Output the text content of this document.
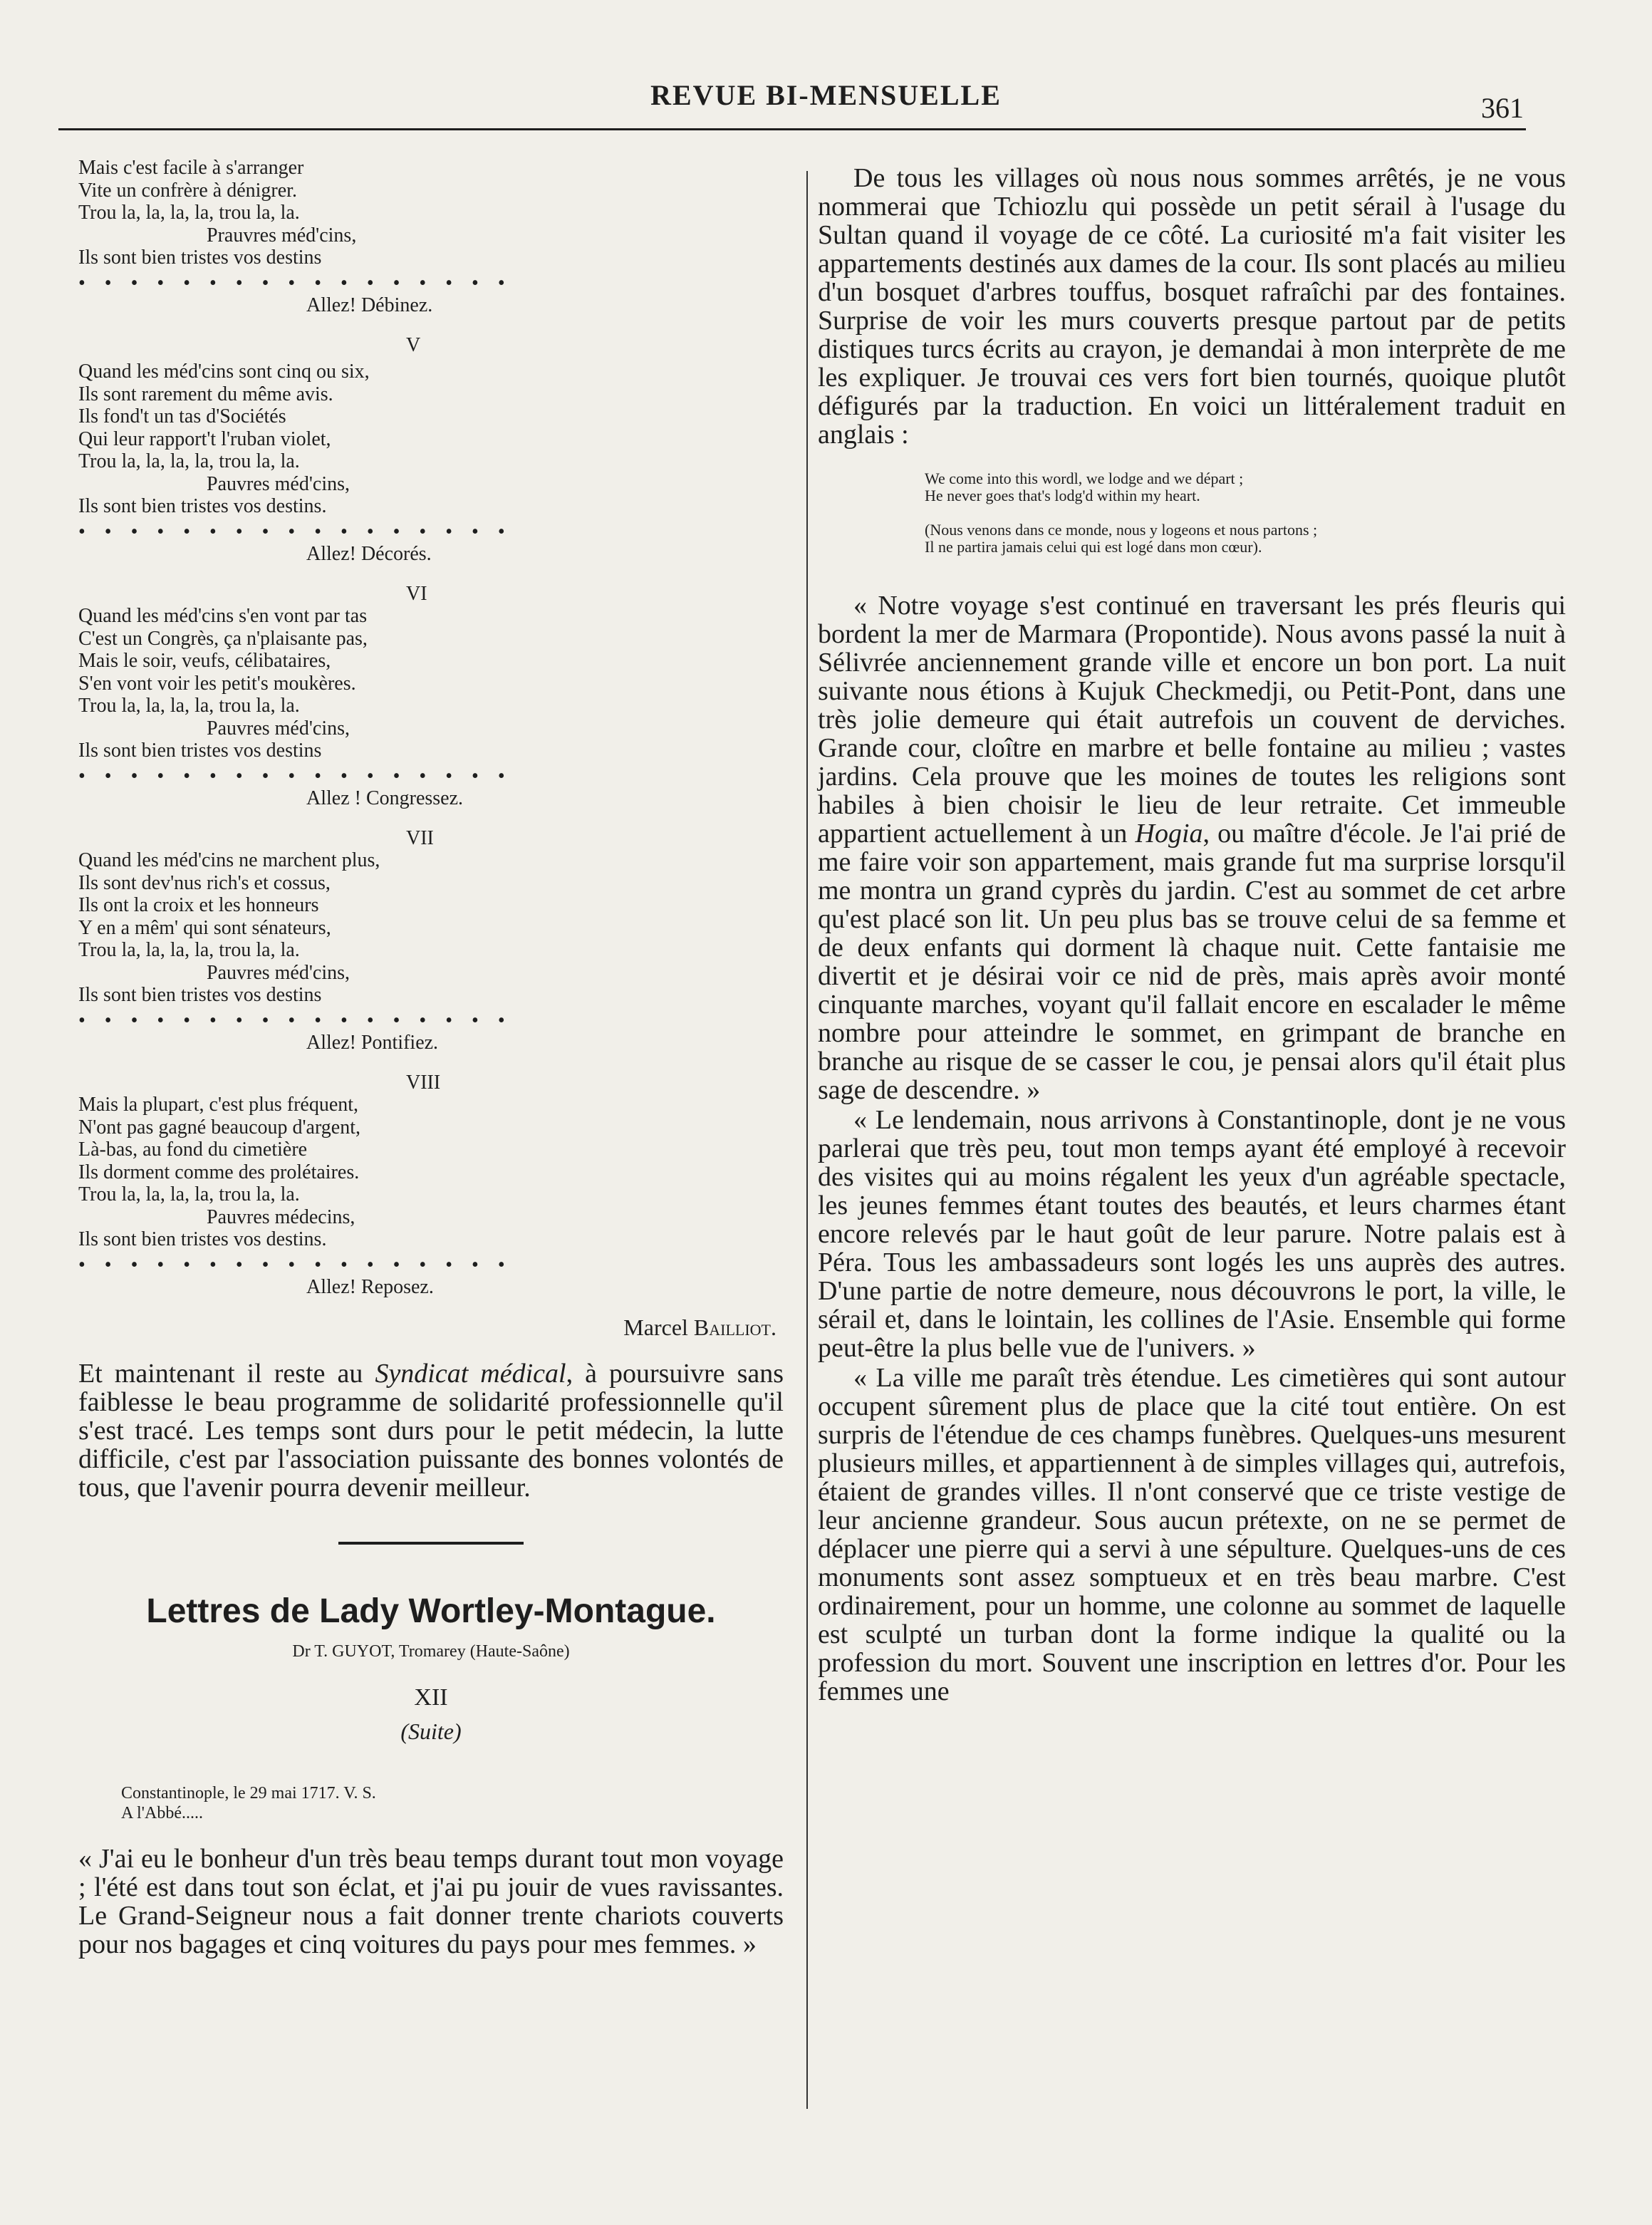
REVUE BI-MENSUELLE	361
Mais c'est facile à s'arranger
Vite un confrère à dénigrer.
Trou la, la, la, la, trou la, la.
Prauvres méd'cins,
Ils sont bien tristes vos destins
• • • • • • • • • • • • • • • • •
Allez! Débinez.
V
Quand les méd'cins sont cinq ou six,
Ils sont rarement du même avis.
Ils fond't un tas d'Sociétés
Qui leur rapport't l'ruban violet,
Trou la, la, la, la, trou la, la.
Pauvres méd'cins,
Ils sont bien tristes vos destins.
• • • • • • • • • • • • • • • • •
Allez! Décorés.
VI
Quand les méd'cins s'en vont par tas
C'est un Congrès, ça n'plaisante pas,
Mais le soir, veufs, célibataires,
S'en vont voir les petit's moukères.
Trou la, la, la, la, trou la, la.
Pauvres méd'cins,
Ils sont bien tristes vos destins
• • • • • • • • • • • • • • • • •
Allez ! Congressez.
VII
Quand les méd'cins ne marchent plus,
Ils sont dev'nus rich's et cossus,
Ils ont la croix et les honneurs
Y en a mêm' qui sont sénateurs,
Trou la, la, la, la, trou la, la.
Pauvres méd'cins,
Ils sont bien tristes vos destins
• • • • • • • • • • • • • • • • •
Allez! Pontifiez.
VIII
Mais la plupart, c'est plus fréquent,
N'ont pas gagné beaucoup d'argent,
Là-bas, au fond du cimetière
Ils dorment comme des prolétaires.
Trou la, la, la, la, trou la, la.
Pauvres médecins,
Ils sont bien tristes vos destins.
• • • • • • • • • • • • • • • • •
Allez! Reposez.
Marcel Bailliot.

Et maintenant il reste au Syndicat médical, à poursuivre sans faiblesse le beau programme de solidarité professionnelle qu'il s'est tracé. Les temps sont durs pour le petit médecin, la lutte difficile, c'est par l'association puissante des bonnes volontés de tous, que l'avenir pourra devenir meilleur.

Lettres de Lady Wortley-Montague.
Dr T. GUYOT, Tromarey (Haute-Saône)
XII
(Suite)
Constantinople, le 29 mai 1717. V. S.
A l'Abbé.....

« J'ai eu le bonheur d'un très beau temps durant tout mon voyage ; l'été est dans tout son éclat, et j'ai pu jouir de vues ravissantes. Le Grand-Seigneur nous a fait donner trente chariots couverts pour nos bagages et cinq voitures du pays pour mes femmes. »

De tous les villages où nous nous sommes arrêtés, je ne vous nommerai que Tchiozlu qui possède un petit sérail à l'usage du Sultan quand il voyage de ce côté. La curiosité m'a fait visiter les appartements destinés aux dames de la cour. Ils sont placés au milieu d'un bosquet d'arbres touffus, bosquet rafraîchi par des fontaines. Surprise de voir les murs couverts presque partout par de petits distiques turcs écrits au crayon, je demandai à mon interprète de me les expliquer. Je trouvai ces vers fort bien tournés, quoique plutôt défigurés par la traduction. En voici un littéralement traduit en anglais :

We come into this wordl, we lodge and we départ ;
He never goes that's lodg'd within my heart.
(Nous venons dans ce monde, nous y logeons et nous partons ;
Il ne partira jamais celui qui est logé dans mon cœur).

« Notre voyage s'est continué en traversant les prés fleuris qui bordent la mer de Marmara (Propontide). Nous avons passé la nuit à Sélivrée anciennement grande ville et encore un bon port. La nuit suivante nous étions à Kujuk Checkmedji, ou Petit-Pont, dans une très jolie demeure qui était autrefois un couvent de derviches. Grande cour, cloître en marbre et belle fontaine au milieu ; vastes jardins. Cela prouve que les moines de toutes les religions sont habiles à bien choisir le lieu de leur retraite. Cet immeuble appartient actuellement à un Hogia, ou maître d'école. Je l'ai prié de me faire voir son appartement, mais grande fut ma surprise lorsqu'il me montra un grand cyprès du jardin. C'est au sommet de cet arbre qu'est placé son lit. Un peu plus bas se trouve celui de sa femme et de deux enfants qui dorment là chaque nuit. Cette fantaisie me divertit et je désirai voir ce nid de près, mais après avoir monté cinquante marches, voyant qu'il fallait encore en escalader le même nombre pour atteindre le sommet, en grimpant de branche en branche au risque de se casser le cou, je pensai alors qu'il était plus sage de descendre. »

« Le lendemain, nous arrivons à Constantinople, dont je ne vous parlerai que très peu, tout mon temps ayant été employé à recevoir des visites qui au moins régalent les yeux d'un agréable spectacle, les jeunes femmes étant toutes des beautés, et leurs charmes étant encore relevés par le haut goût de leur parure. Notre palais est à Péra. Tous les ambassadeurs sont logés les uns auprès des autres. D'une partie de notre demeure, nous découvrons le port, la ville, le sérail et, dans le lointain, les collines de l'Asie. Ensemble qui forme peut-être la plus belle vue de l'univers. »

« La ville me paraît très étendue. Les cimetières qui sont autour occupent sûrement plus de place que la cité tout entière. On est surpris de l'étendue de ces champs funèbres. Quelques-uns mesurent plusieurs milles, et appartiennent à de simples villages qui, autrefois, étaient de grandes villes. Il n'ont conservé que ce triste vestige de leur ancienne grandeur. Sous aucun prétexte, on ne se permet de déplacer une pierre qui a servi à une sépulture. Quelques-uns de ces monuments sont assez somptueux et en très beau marbre. C'est ordinairement, pour un homme, une colonne au sommet de laquelle est sculpté un turban dont la forme indique la qualité ou la profession du mort. Souvent une inscription en lettres d'or. Pour les femmes une
